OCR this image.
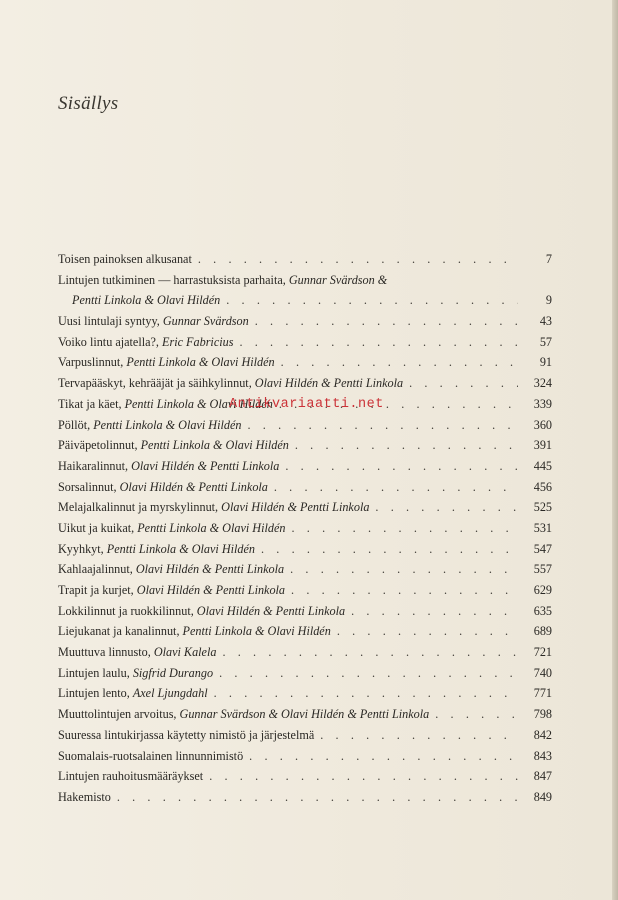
Sisällys
Toisen painoksen alkusanat . . .	7
Lintujen tutkiminen — harrastuksista parhaita, Gunnar Svärdson &
Pentti Linkola & Olavi Hildén . . .	9
Uusi lintulaji syntyy, Gunnar Svärdson . . .	43
Voiko lintu ajatella?, Eric Fabricius . . .	57
Varpuslinnut, Pentti Linkola & Olavi Hildén . . .	91
Tervapääskyt, kehrääjät ja säihkylinnut, Olavi Hildén & Pentti Linkola . . .	324
Tikat ja käet, Pentti Linkola & Olavi Hildén . . .	339
Pöllöt, Pentti Linkola & Olavi Hildén . . .	360
Päiväpetolinnut, Pentti Linkola & Olavi Hildén . . .	391
Haikaralinnut, Olavi Hildén & Pentti Linkola . . .	445
Sorsalinnut, Olavi Hildén & Pentti Linkola . . .	456
Melajalkalinnut ja myrskylinnut, Olavi Hildén & Pentti Linkola . . .	525
Uikut ja kuikat, Pentti Linkola & Olavi Hildén . . .	531
Kyyhkyt, Pentti Linkola & Olavi Hildén . . .	547
Kahlaajalinnut, Olavi Hildén & Pentti Linkola . . .	557
Trapit ja kurjet, Olavi Hildén & Pentti Linkola . . .	629
Lokkilinnut ja ruokkilinnut, Olavi Hildén & Pentti Linkola . . .	635
Liejukanat ja kanalinnut, Pentti Linkola & Olavi Hildén . . .	689
Muuttuva linnusto, Olavi Kalela . . .	721
Lintujen laulu, Sigfrid Durango . . .	740
Lintujen lento, Axel Ljungdahl . . .	771
Muuttolintujen arvoitus, Gunnar Svärdson & Olavi Hildén & Pentti Linkola . . .	798
Suuressa lintukirjassa käytetty nimistö ja järjestelmä . . .	842
Suomalais-ruotsalainen linnunnimistö . . .	843
Lintujen rauhoitusmääräykset . . .	847
Hakemisto . . .	849
Antikvariaatti.net
